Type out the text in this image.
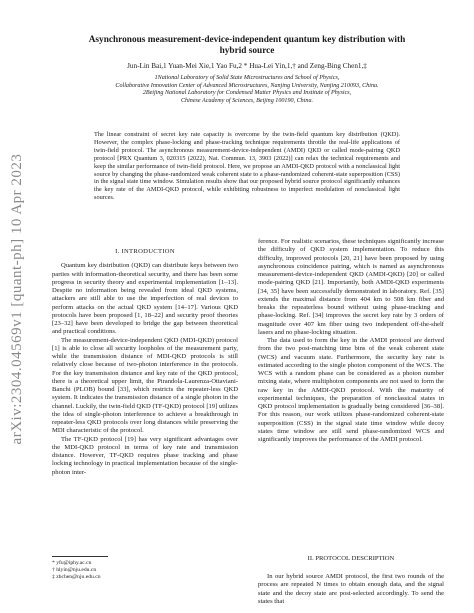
arXiv:2304.04569v1 [quant-ph] 10 Apr 2023
Asynchronous measurement-device-independent quantum key distribution with
hybrid source
Jun-Lin Bai,1 Yuan-Mei Xie,1 Yao Fu,2 * Hua-Lei Yin,1,† and Zeng-Bing Chen1,‡
1National Laboratory of Solid State Microstructures and School of Physics,
Collaborative Innovation Center of Advanced Microstructures, Nanjing University, Nanjing 210093, China.
2Beijing National Laboratory for Condensed Matter Physics and Institute of Physics,
Chinese Academy of Sciences, Beijing 100190, China.
The linear constraint of secret key rate capacity is overcome by the twin-field quantum key distribution (QKD). However, the complex phase-locking and phase-tracking technique requirements throttle the real-life applications of twin-field protocol. The asynchronous measurement-device-independent (AMDI) QKD or called mode-pairing QKD protocol [PRX Quantum 3, 020315 (2022), Nat. Commun. 13, 3903 (2022)] can relax the technical requirements and keep the similar performance of twin-field protocol. Here, we propose an AMDI-QKD protocol with a nonclassical light source by changing the phase-randomized weak coherent state to a phase-randomized coherent-state superposition (CSS) in the signal state time window. Simulation results show that our proposed hybrid source protocol significantly enhances the key rate of the AMDI-QKD protocol, while exhibiting robustness to imperfect modulation of nonclassical light sources.
I. INTRODUCTION

Quantum key distribution (QKD) can distribute keys between two parties with information-theoretical security, and there has been some progress in security theory and experimental implementation [1–13]. Despite no information being revealed from ideal QKD systems, attackers are still able to use the imperfection of real devices to perform attacks on the actual QKD system [14–17]. Various QKD protocols have been proposed [1, 18–22] and security proof theories [23–32] have been developed to bridge the gap between theoretical and practical conditions.

The measurement-device-independent QKD (MDI-QKD) protocol [1] is able to close all security loopholes of the measurement party, while the transmission distance of MDI-QKD protocols is still relatively close because of two-photon interference in the protocols. For the key transmission distance and key rate of the QKD protocol, there is a theoretical upper limit, the Pirandola-Laurenza-Ottaviani-Banchi (PLOB) bound [33], which restricts the repeater-less QKD system. It indicates the transmission distance of a single photon in the channel. Luckily, the twin-field QKD (TF-QKD) protocol [19] utilizes the idea of single-photon interference to achieve a breakthrough in repeater-less QKD protocols over long distances while preserving the MDI characteristic of the protocol.

The TF-QKD protocol [19] has very significant advantages over the MDI-QKD protocol in terms of key rate and transmission distance. However, TF-QKD requires phase tracking and phase locking technology in practical implementation because of the single-photon inter-

ference. For realistic scenarios, these techniques significantly increase the difficulty of QKD system implementation. To reduce this difficulty, improved protocols [20, 21] have been proposed by using asynchronous coincidence pairing, which is named as asynchronous measurement-device-independent QKD (AMDI-QKD) [20] or called mode-pairing QKD [21]. Importantly, both AMDI-QKD experiments [34, 35] have been successfully demonstrated in laboratory. Ref. [35] extends the maximal distance from 404 km to 508 km fiber and breaks the repeaterless bound without using phase-tracking and phase-locking. Ref. [34] improves the secret key rate by 3 orders of magnitude over 407 km fiber using two independent off-the-shelf lasers and no phase-locking situation.

The data used to form the key in the AMDI protocol are derived from the two post-matching time bins of the weak coherent state (WCS) and vacuum state. Furthermore, the security key rate is estimated according to the single photon component of the WCS. The WCS with a random phase can be considered as a photon number mixing state, where multiphoton components are not used to form the raw key in the AMDI-QKD protocol. With the maturity of experimental techniques, the preparation of nonclassical states in QKD protocol implementation is gradually being considered [36–38]. For this reason, our work utilizes phase-randomized coherent-state superposition (CSS) in the signal state time window while decoy states time window are still send phase-randomized WCS and significantly improves the performance of the AMDI protocol.

* yfu@iphy.ac.cn
† hlyin@nju.edu.cn
‡ zbchen@nju.edu.cn
II. PROTOCOL DESCRIPTION

In our hybrid source AMDI protocol, the first two rounds of the process are repeated N times to obtain enough data, and the signal state and the decoy state are post-selected accordingly. To send the states that
